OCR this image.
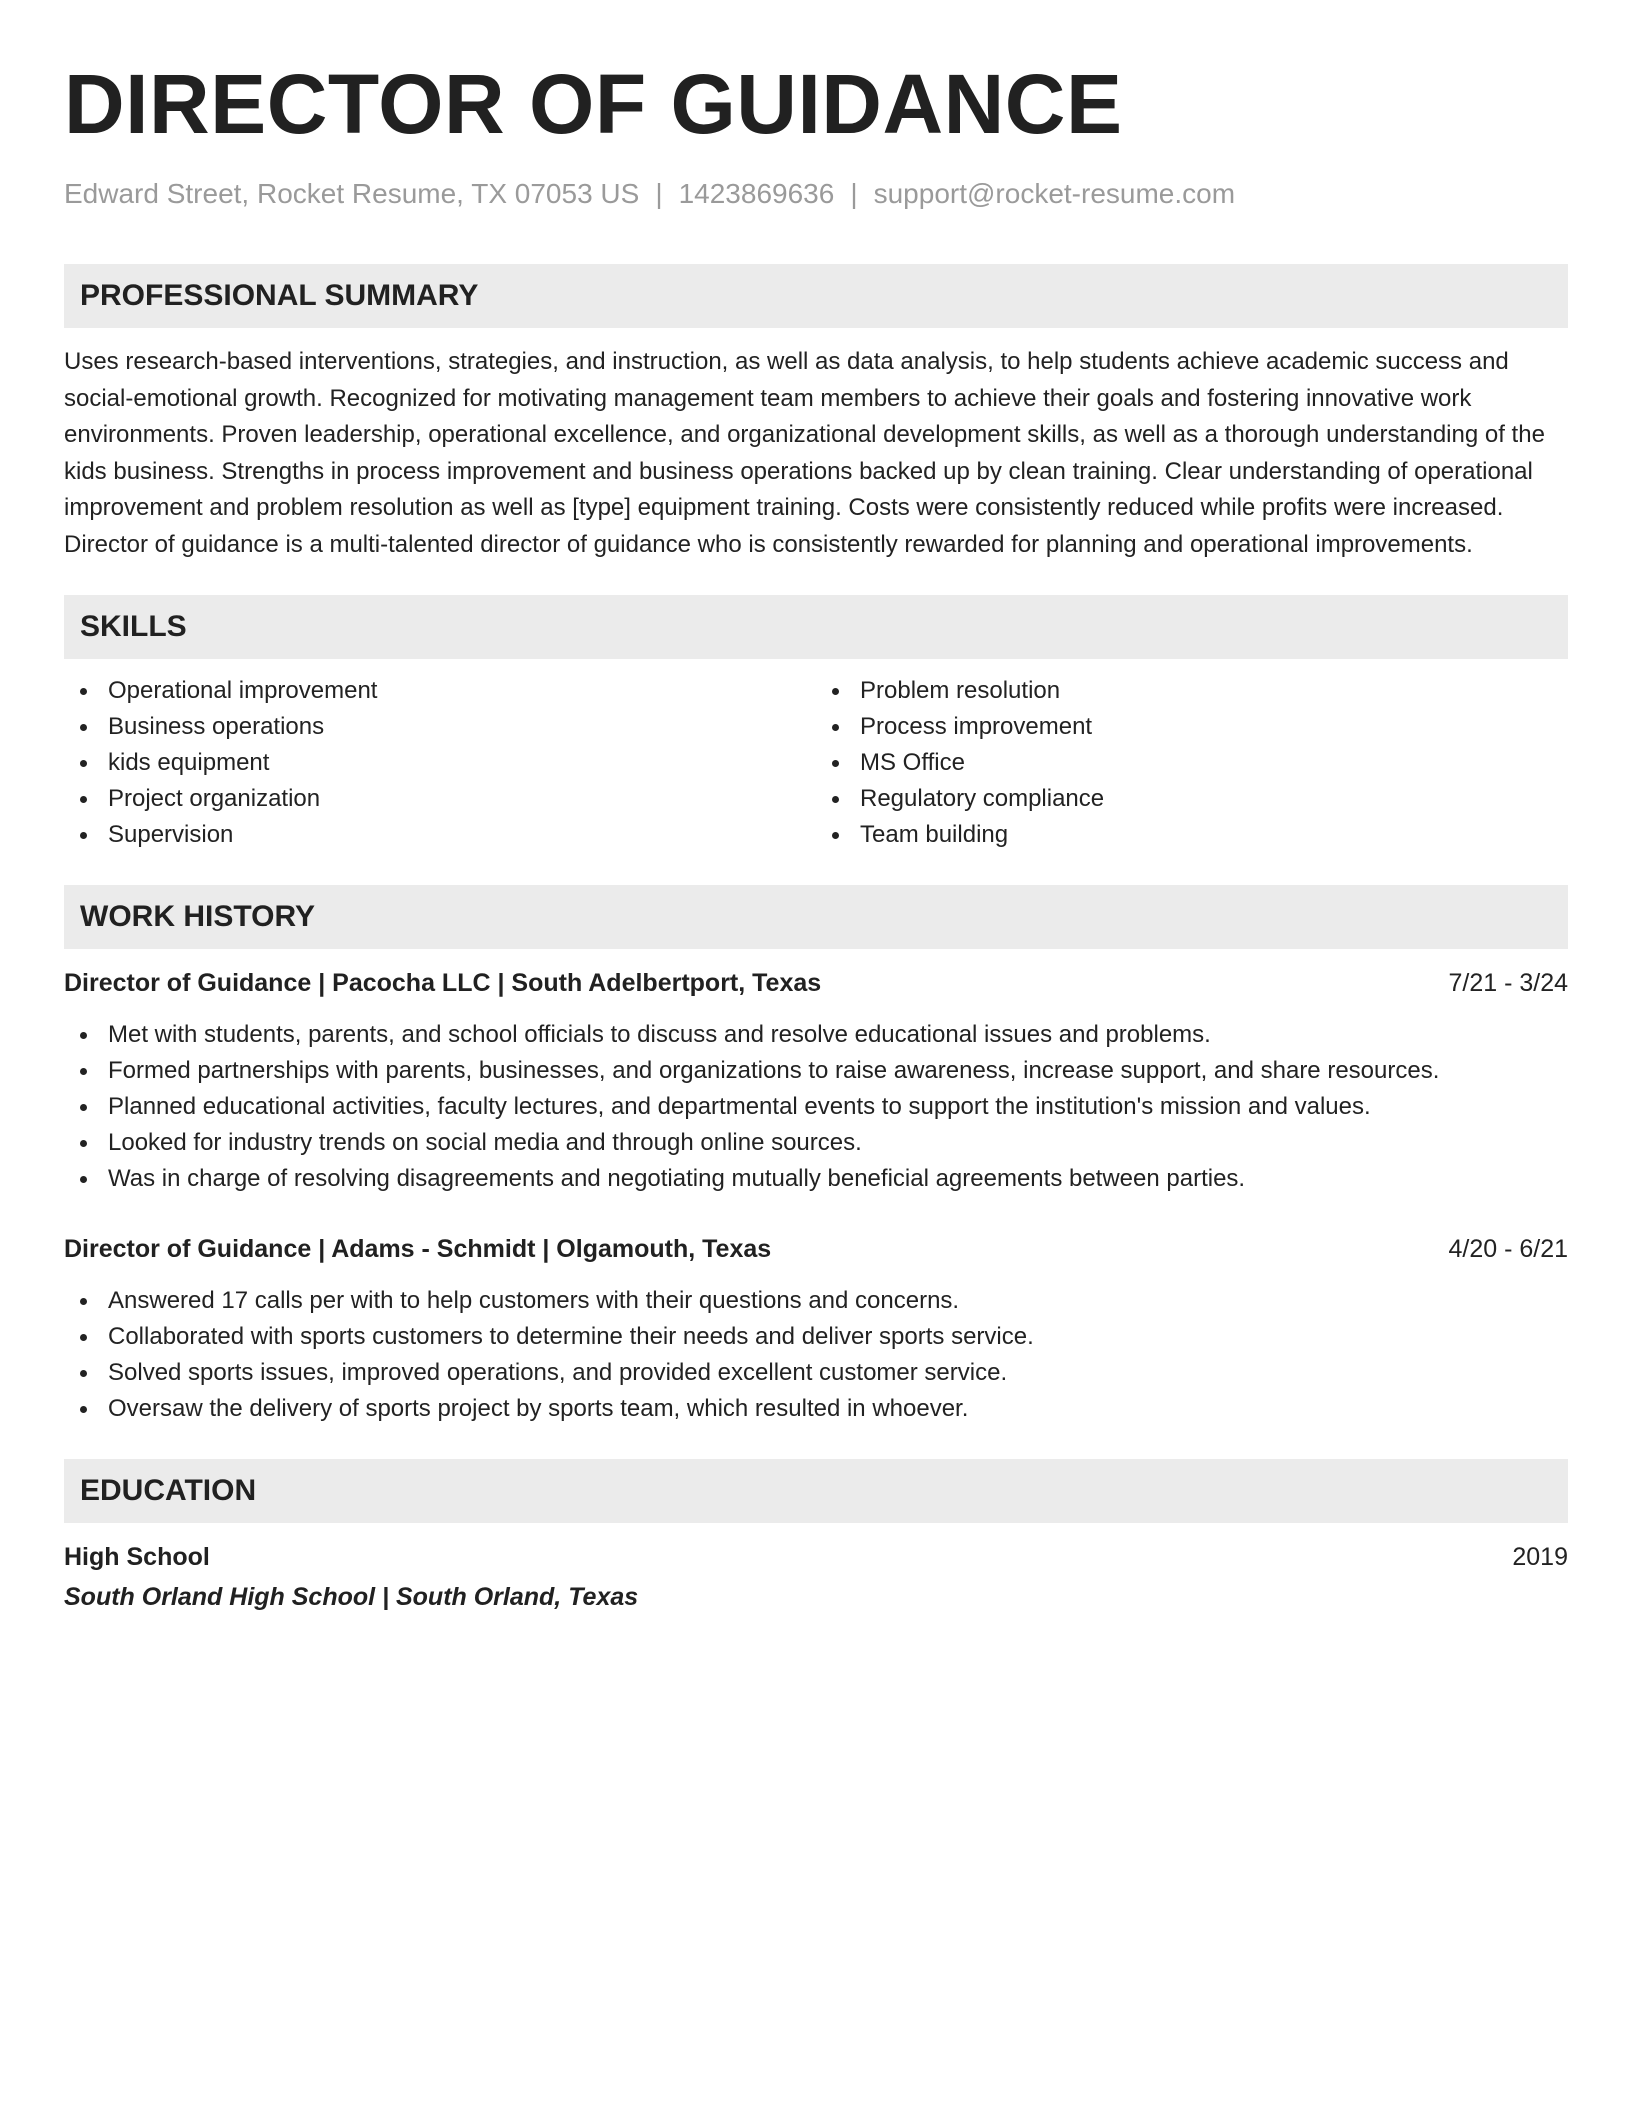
DIRECTOR OF GUIDANCE
Edward Street, Rocket Resume, TX 07053 US | 1423869636 | support@rocket-resume.com
PROFESSIONAL SUMMARY
Uses research-based interventions, strategies, and instruction, as well as data analysis, to help students achieve academic success and social-emotional growth. Recognized for motivating management team members to achieve their goals and fostering innovative work environments. Proven leadership, operational excellence, and organizational development skills, as well as a thorough understanding of the kids business. Strengths in process improvement and business operations backed up by clean training. Clear understanding of operational improvement and problem resolution as well as [type] equipment training. Costs were consistently reduced while profits were increased. Director of guidance is a multi-talented director of guidance who is consistently rewarded for planning and operational improvements.
SKILLS
Operational improvement
Business operations
kids equipment
Project organization
Supervision
Problem resolution
Process improvement
MS Office
Regulatory compliance
Team building
WORK HISTORY
Director of Guidance | Pacocha LLC | South Adelbertport, Texas	7/21 - 3/24
Met with students, parents, and school officials to discuss and resolve educational issues and problems.
Formed partnerships with parents, businesses, and organizations to raise awareness, increase support, and share resources.
Planned educational activities, faculty lectures, and departmental events to support the institution's mission and values.
Looked for industry trends on social media and through online sources.
Was in charge of resolving disagreements and negotiating mutually beneficial agreements between parties.
Director of Guidance | Adams - Schmidt | Olgamouth, Texas	4/20 - 6/21
Answered 17 calls per with to help customers with their questions and concerns.
Collaborated with sports customers to determine their needs and deliver sports service.
Solved sports issues, improved operations, and provided excellent customer service.
Oversaw the delivery of sports project by sports team, which resulted in whoever.
EDUCATION
High School	2019
South Orland High School | South Orland, Texas
